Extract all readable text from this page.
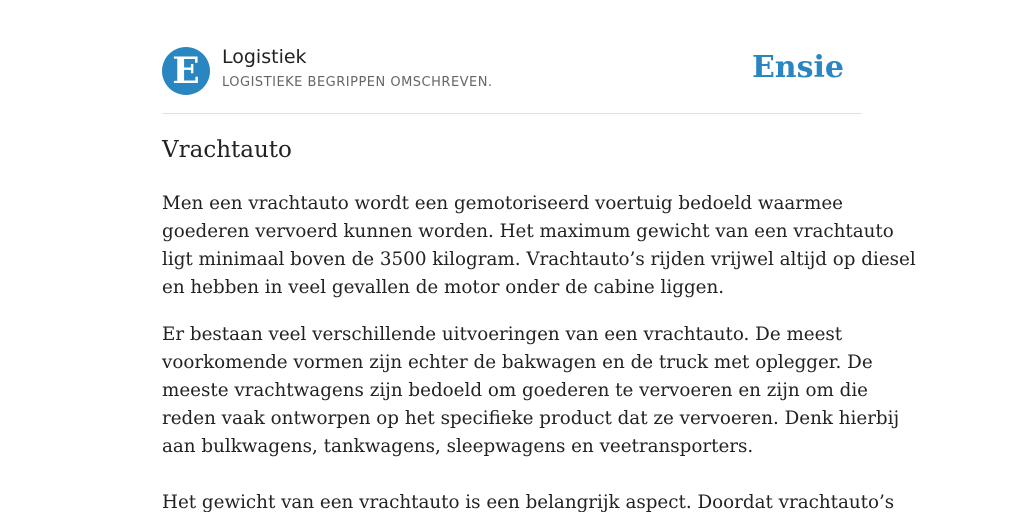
E	Logistiek
LOGISTIEKE BEGRIPPEN OMSCHREVEN.	Ensie
Vrachtauto

Men een vrachtauto wordt een gemotoriseerd voertuig bedoeld waarmee
goederen vervoerd kunnen worden. Het maximum gewicht van een vrachtauto
ligt minimaal boven de 3500 kilogram. Vrachtauto’s rijden vrijwel altijd op diesel
en hebben in veel gevallen de motor onder de cabine liggen.

Er bestaan veel verschillende uitvoeringen van een vrachtauto. De meest
voorkomende vormen zijn echter de bakwagen en de truck met oplegger. De
meeste vrachtwagens zijn bedoeld om goederen te vervoeren en zijn om die
reden vaak ontworpen op het specifieke product dat ze vervoeren. Denk hierbij
aan bulkwagens, tankwagens, sleepwagens en veetransporters.

Het gewicht van een vrachtauto is een belangrijk aspect. Doordat vrachtauto’s
